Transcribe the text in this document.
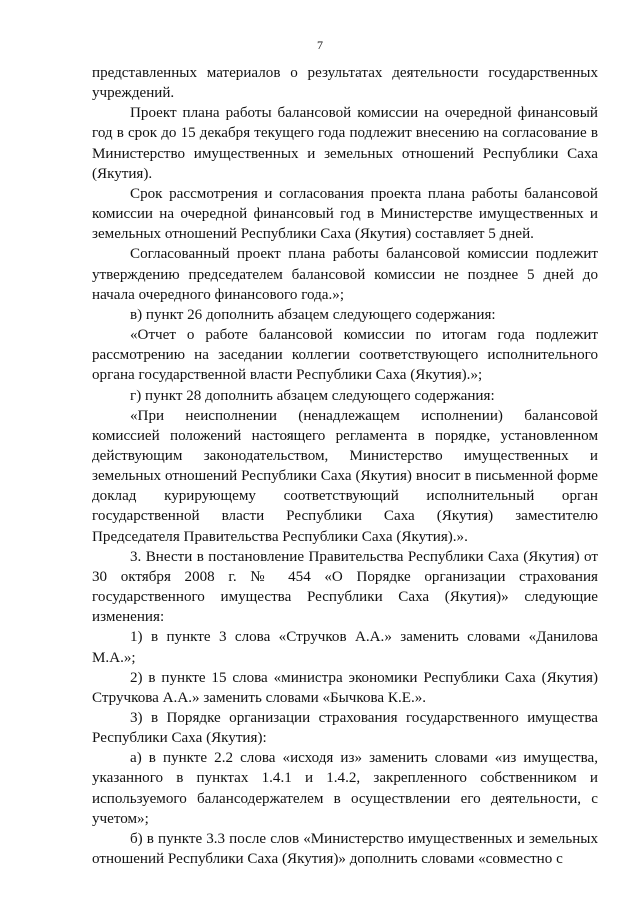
7

представленных материалов о результатах деятельности государственных учреждений.

Проект плана работы балансовой комиссии на очередной финансовый год в срок до 15 декабря текущего года подлежит внесению на согласование в Министерство имущественных и земельных отношений Республики Саха (Якутия).

Срок рассмотрения и согласования проекта плана работы балансовой комиссии на очередной финансовый год в Министерстве имущественных и земельных отношений Республики Саха (Якутия) составляет 5 дней.

Согласованный проект плана работы балансовой комиссии подлежит утверждению председателем балансовой комиссии не позднее 5 дней до начала очередного финансового года.»;

в) пункт 26 дополнить абзацем следующего содержания:

«Отчет о работе балансовой комиссии по итогам года подлежит рассмотрению на заседании коллегии соответствующего исполнительного органа государственной власти Республики Саха (Якутия).»;

г) пункт 28 дополнить абзацем следующего содержания:

«При неисполнении (ненадлежащем исполнении) балансовой комиссией положений настоящего регламента в порядке, установленном действующим законодательством, Министерство имущественных и земельных отношений Республики Саха (Якутия) вносит в письменной форме доклад курирующему соответствующий исполнительный орган государственной власти Республики Саха (Якутия) заместителю Председателя Правительства Республики Саха (Якутия).».

3. Внести в постановление Правительства Республики Саха (Якутия) от 30 октября 2008 г. № 454 «О Порядке организации страхования государственного имущества Республики Саха (Якутия)» следующие изменения:

1) в пункте 3 слова «Стручков А.А.» заменить словами «Данилова М.А.»;

2) в пункте 15 слова «министра экономики Республики Саха (Якутия) Стручкова А.А.» заменить словами «Бычкова К.Е.».

3) в Порядке организации страхования государственного имущества Республики Саха (Якутия):

а) в пункте 2.2 слова «исходя из» заменить словами «из имущества, указанного в пунктах 1.4.1 и 1.4.2, закрепленного собственником и используемого балансодержателем в осуществлении его деятельности, с учетом»;

б) в пункте 3.3 после слов «Министерство имущественных и земельных отношений Республики Саха (Якутия)» дополнить словами «совместно с
